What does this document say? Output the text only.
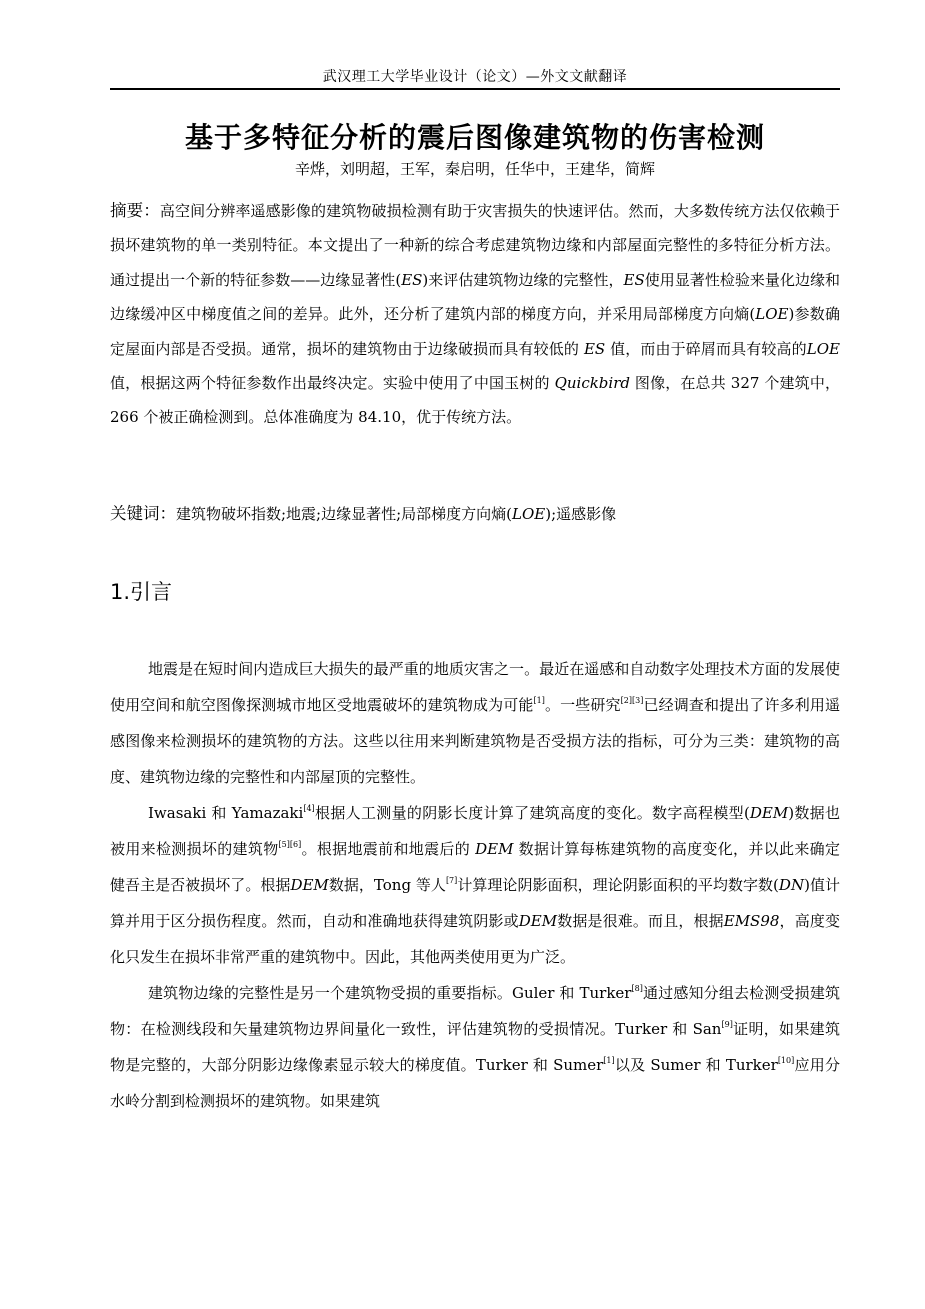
武汉理工大学毕业设计（论文）—外文文献翻译
基于多特征分析的震后图像建筑物的伤害检测
辛烨，刘明超，王军，秦启明，任华中，王建华，简辉

摘要：高空间分辨率遥感影像的建筑物破损检测有助于灾害损失的快速评估。然而，大多数传统方法仅依赖于损坏建筑物的单一类别特征。本文提出了一种新的综合考虑建筑物边缘和内部屋面完整性的多特征分析方法。通过提出一个新的特征参数——边缘显著性(ES)来评估建筑物边缘的完整性，ES使用显著性检验来量化边缘和边缘缓冲区中梯度值之间的差异。此外，还分析了建筑内部的梯度方向，并采用局部梯度方向熵(LOE)参数确定屋面内部是否受损。通常，损坏的建筑物由于边缘破损而具有较低的 ES 值，而由于碎屑而具有较高的LOE值，根据这两个特征参数作出最终决定。实验中使用了中国玉树的 Quickbird 图像，在总共 327 个建筑中，266 个被正确检测到。总体准确度为 84.10，优于传统方法。

关键词：建筑物破坏指数;地震;边缘显著性;局部梯度方向熵(LOE);遥感影像

1.引言

地震是在短时间内造成巨大损失的最严重的地质灾害之一。最近在遥感和自动数字处理技术方面的发展使使用空间和航空图像探测城市地区受地震破坏的建筑物成为可能[1]。一些研究[2][3]已经调查和提出了许多利用遥感图像来检测损坏的建筑物的方法。这些以往用来判断建筑物是否受损方法的指标，可分为三类：建筑物的高度、建筑物边缘的完整性和内部屋顶的完整性。

Iwasaki 和 Yamazaki[4]根据人工测量的阴影长度计算了建筑高度的变化。数字高程模型(DEM)数据也被用来检测损坏的建筑物[5][6]。根据地震前和地震后的 DEM 数据计算每栋建筑物的高度变化，并以此来确定健吾主是否被损坏了。根据DEM数据，Tong 等人[7]计算理论阴影面积，理论阴影面积的平均数字数(DN)值计算并用于区分损伤程度。然而，自动和准确地获得建筑阴影或DEM数据是很难。而且，根据EMS98，高度变化只发生在损坏非常严重的建筑物中。因此，其他两类使用更为广泛。

建筑物边缘的完整性是另一个建筑物受损的重要指标。Guler 和 Turker[8]通过感知分组去检测受损建筑物：在检测线段和矢量建筑物边界间量化一致性，评估建筑物的受损情况。Turker 和 San[9]证明，如果建筑物是完整的，大部分阴影边缘像素显示较大的梯度值。Turker 和 Sumer[1]以及 Sumer 和 Turker[10]应用分水岭分割到检测损坏的建筑物。如果建筑
